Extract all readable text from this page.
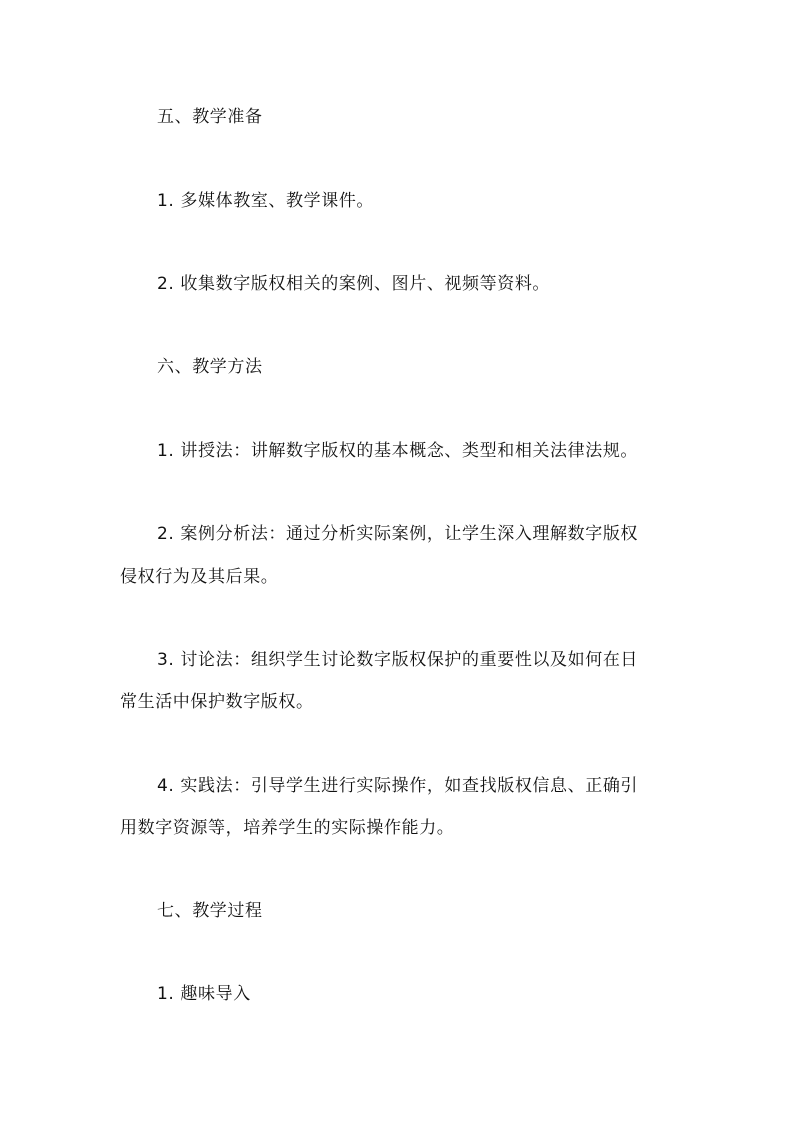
五、教学准备
1. 多媒体教室、教学课件。
2. 收集数字版权相关的案例、图片、视频等资料。
六、教学方法
1. 讲授法：讲解数字版权的基本概念、类型和相关法律法规。
2. 案例分析法：通过分析实际案例，让学生深入理解数字版权
侵权行为及其后果。
3. 讨论法：组织学生讨论数字版权保护的重要性以及如何在日
常生活中保护数字版权。
4. 实践法：引导学生进行实际操作，如查找版权信息、正确引
用数字资源等，培养学生的实际操作能力。
七、教学过程
1. 趣味导入
